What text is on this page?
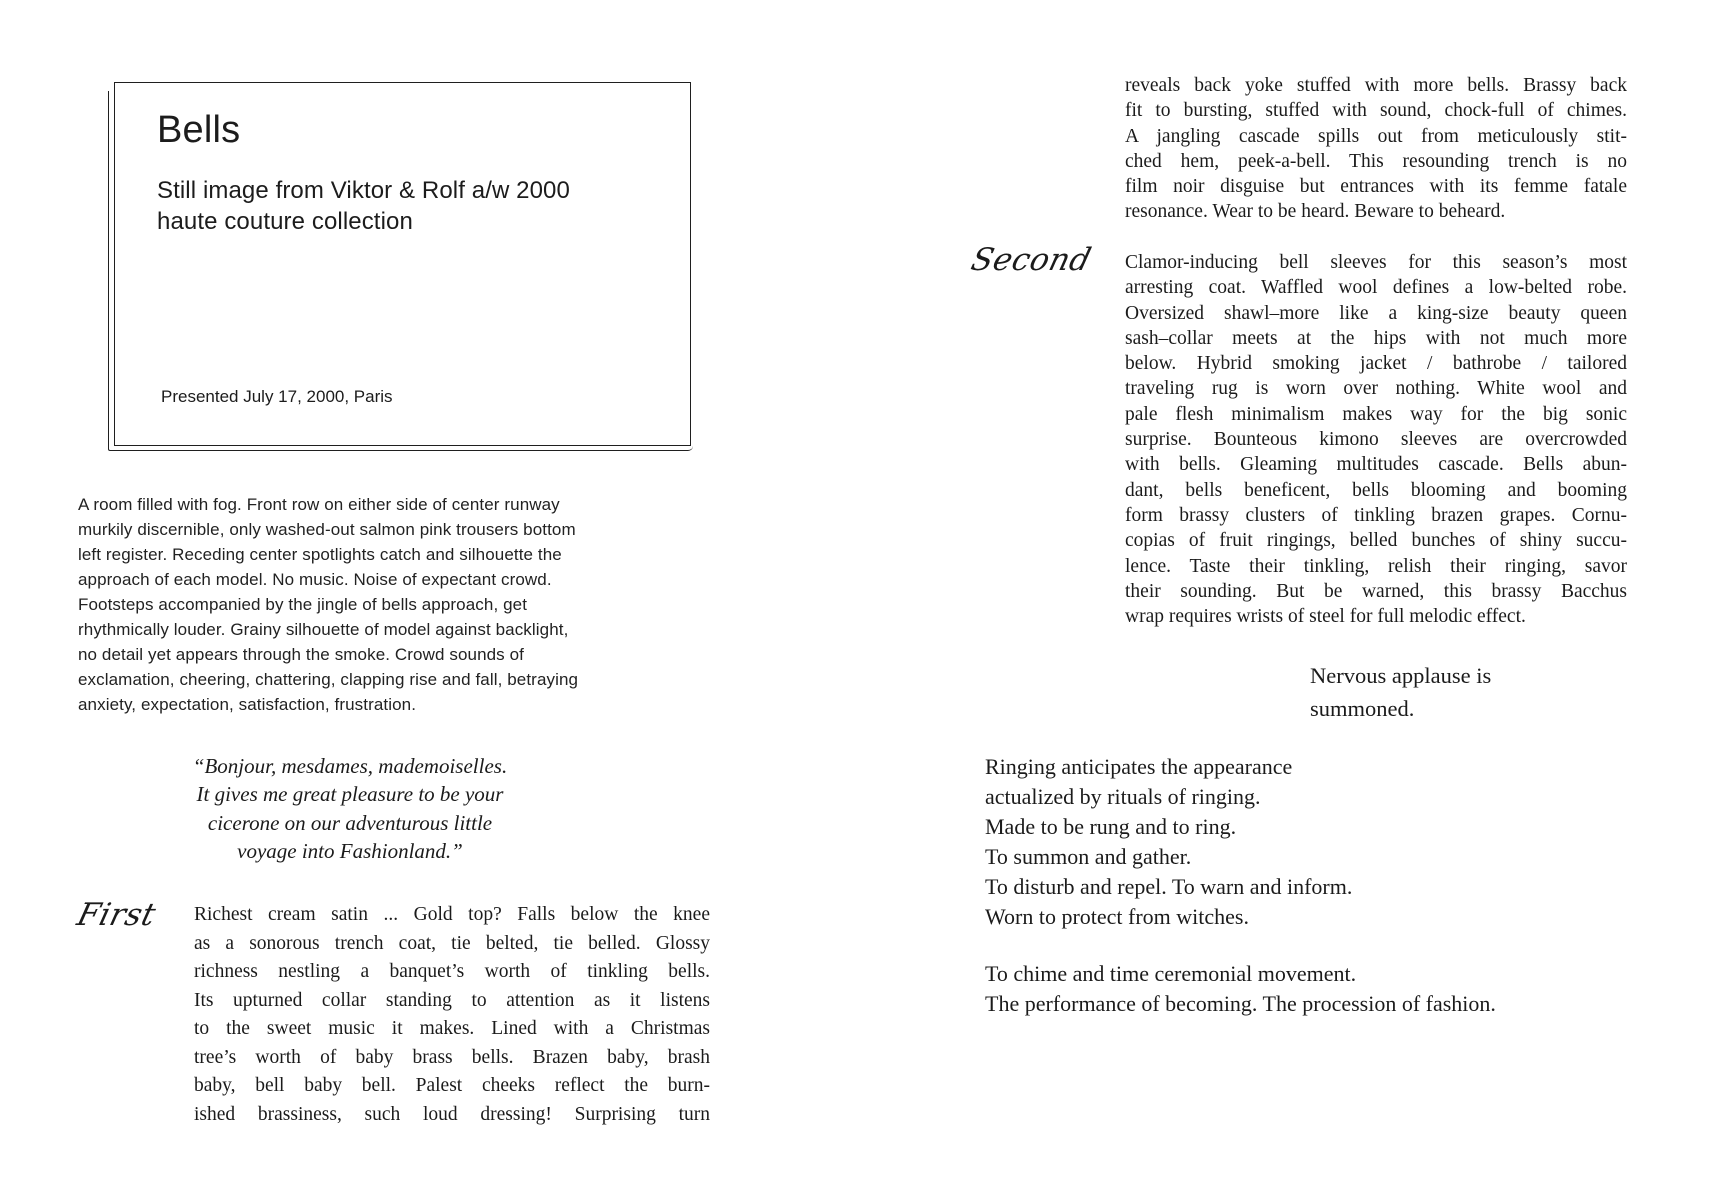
Bells
Still image from Viktor & Rolf a/w 2000
haute couture collection
Presented July 17, 2000, Paris
A room filled with fog. Front row on either side of center runway
murkily discernible, only washed-out salmon pink trousers bottom
left register. Receding center spotlights catch and silhouette the
approach of each model. No music. Noise of expectant crowd.
Footsteps accompanied by the jingle of bells approach, get
rhythmically louder. Grainy silhouette of model against backlight,
no detail yet appears through the smoke. Crowd sounds of
exclamation, cheering, chattering, clapping rise and fall, betraying
anxiety, expectation, satisfaction, frustration.
“Bonjour, mesdames, mademoiselles.
It gives me great pleasure to be your
cicerone on our adventurous little
voyage into Fashionland.”
First Richest cream satin ... Gold top? Falls below the knee
as a sonorous trench coat, tie belted, tie belled. Glossy
richness nestling a banquet’s worth of tinkling bells.
Its upturned collar standing to attention as it listens
to the sweet music it makes. Lined with a Christmas
tree’s worth of baby brass bells. Brazen baby, brash
baby, bell baby bell. Palest cheeks reflect the burn-
ished brassiness, such loud dressing! Surprising turn
reveals back yoke stuffed with more bells. Brassy back
fit to bursting, stuffed with sound, chock-full of chimes.
A jangling cascade spills out from meticulously stit-
ched hem, peek-a-bell. This resounding trench is no
film noir disguise but entrances with its femme fatale
resonance. Wear to be heard. Beware to beheard.
Second Clamor-inducing bell sleeves for this season’s most
arresting coat. Waffled wool defines a low-belted robe.
Oversized shawl–more like a king-size beauty queen
sash–collar meets at the hips with not much more
below. Hybrid smoking jacket / bathrobe / tailored
traveling rug is worn over nothing. White wool and
pale flesh minimalism makes way for the big sonic
surprise. Bounteous kimono sleeves are overcrowded
with bells. Gleaming multitudes cascade. Bells abun-
dant, bells beneficent, bells blooming and booming
form brassy clusters of tinkling brazen grapes. Cornu-
copias of fruit ringings, belled bunches of shiny succu-
lence. Taste their tinkling, relish their ringing, savor
their sounding. But be warned, this brassy Bacchus
wrap requires wrists of steel for full melodic effect.
Nervous applause is
summoned.
Ringing anticipates the appearance
actualized by rituals of ringing.
Made to be rung and to ring.
To summon and gather.
To disturb and repel. To warn and inform.
Worn to protect from witches.
To chime and time ceremonial movement.
The performance of becoming. The procession of fashion.
